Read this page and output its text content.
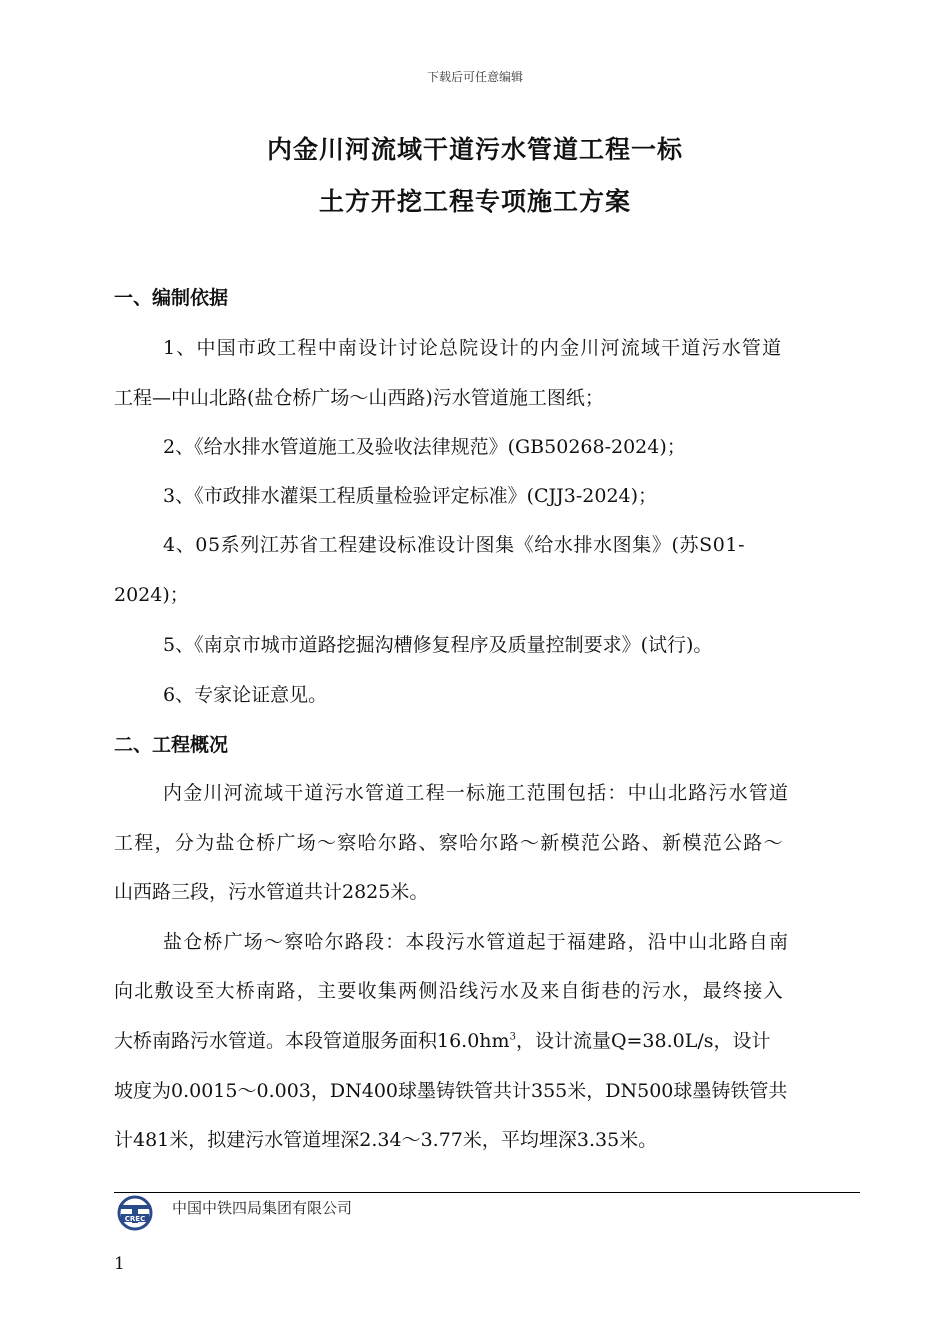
下载后可任意编辑
内金川河流域干道污水管道工程一标
土方开挖工程专项施工方案
一、编制依据
1、中国市政工程中南设计讨论总院设计的内金川河流域干道污水管道
工程—中山北路(盐仓桥广场～山西路)污水管道施工图纸；
2、《给水排水管道施工及验收法律规范》(GB50268-2024)；
3、《市政排水灌渠工程质量检验评定标准》(CJJ3-2024)；
4、05系列江苏省工程建设标准设计图集《给水排水图集》(苏S01-
2024)；
5、《南京市城市道路挖掘沟槽修复程序及质量控制要求》(试行)。
6、专家论证意见。
二、工程概况
内金川河流域干道污水管道工程一标施工范围包括：中山北路污水管道
工程，分为盐仓桥广场～察哈尔路、察哈尔路～新模范公路、新模范公路～
山西路三段，污水管道共计2825米。
盐仓桥广场～察哈尔路段：本段污水管道起于福建路，沿中山北路自南
向北敷设至大桥南路，主要收集两侧沿线污水及来自街巷的污水，最终接入
大桥南路污水管道。本段管道服务面积$16.0hm^3$，设计流量Q=38.0L/s，设计
坡度为0.0015～0.003，DN400球墨铸铁管共计355米，DN500球墨铸铁管共
计481米，拟建污水管道埋深2.34～3.77米，平均埋深3.35米。
CREC
中国中铁四局集团有限公司
1
